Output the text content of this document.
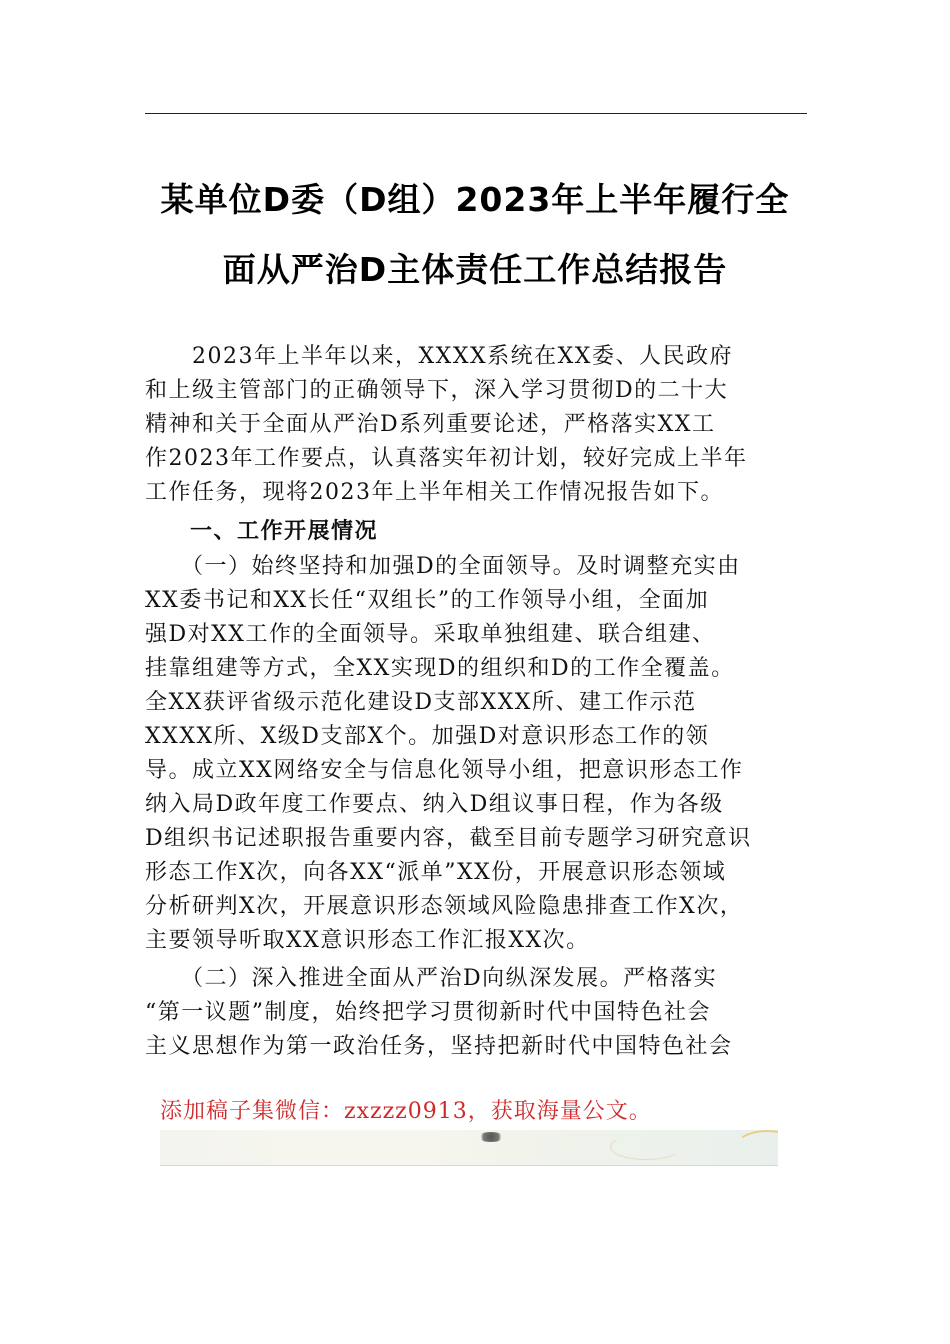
某单位D委（D组）2023年上半年履行全
面从严治D主体责任工作总结报告
　　2023年上半年以来，XXXX系统在XX委、人民政府
和上级主管部门的正确领导下，深入学习贯彻D的二十大
精神和关于全面从严治D系列重要论述，严格落实XX工
作2023年工作要点，认真落实年初计划，较好完成上半年
工作任务，现将2023年上半年相关工作情况报告如下。
一、工作开展情况
　　（一）始终坚持和加强D的全面领导。及时调整充实由
XX委书记和XX长任“双组长”的工作领导小组，全面加
强D对XX工作的全面领导。采取单独组建、联合组建、
挂靠组建等方式，全XX实现D的组织和D的工作全覆盖。
全XX获评省级示范化建设D支部XXX所、建工作示范
XXXX所、X级D支部X个。加强D对意识形态工作的领
导。成立XX网络安全与信息化领导小组，把意识形态工作
纳入局D政年度工作要点、纳入D组议事日程，作为各级
D组织书记述职报告重要内容，截至目前专题学习研究意识
形态工作X次，向各XX“派单”XX份，开展意识形态领域
分析研判X次，开展意识形态领域风险隐患排查工作X次，
主要领导听取XX意识形态工作汇报XX次。
　　（二）深入推进全面从严治D向纵深发展。严格落实
“第一议题”制度，始终把学习贯彻新时代中国特色社会
主义思想作为第一政治任务，坚持把新时代中国特色社会
添加稿子集微信：zxzzz0913，获取海量公文。
